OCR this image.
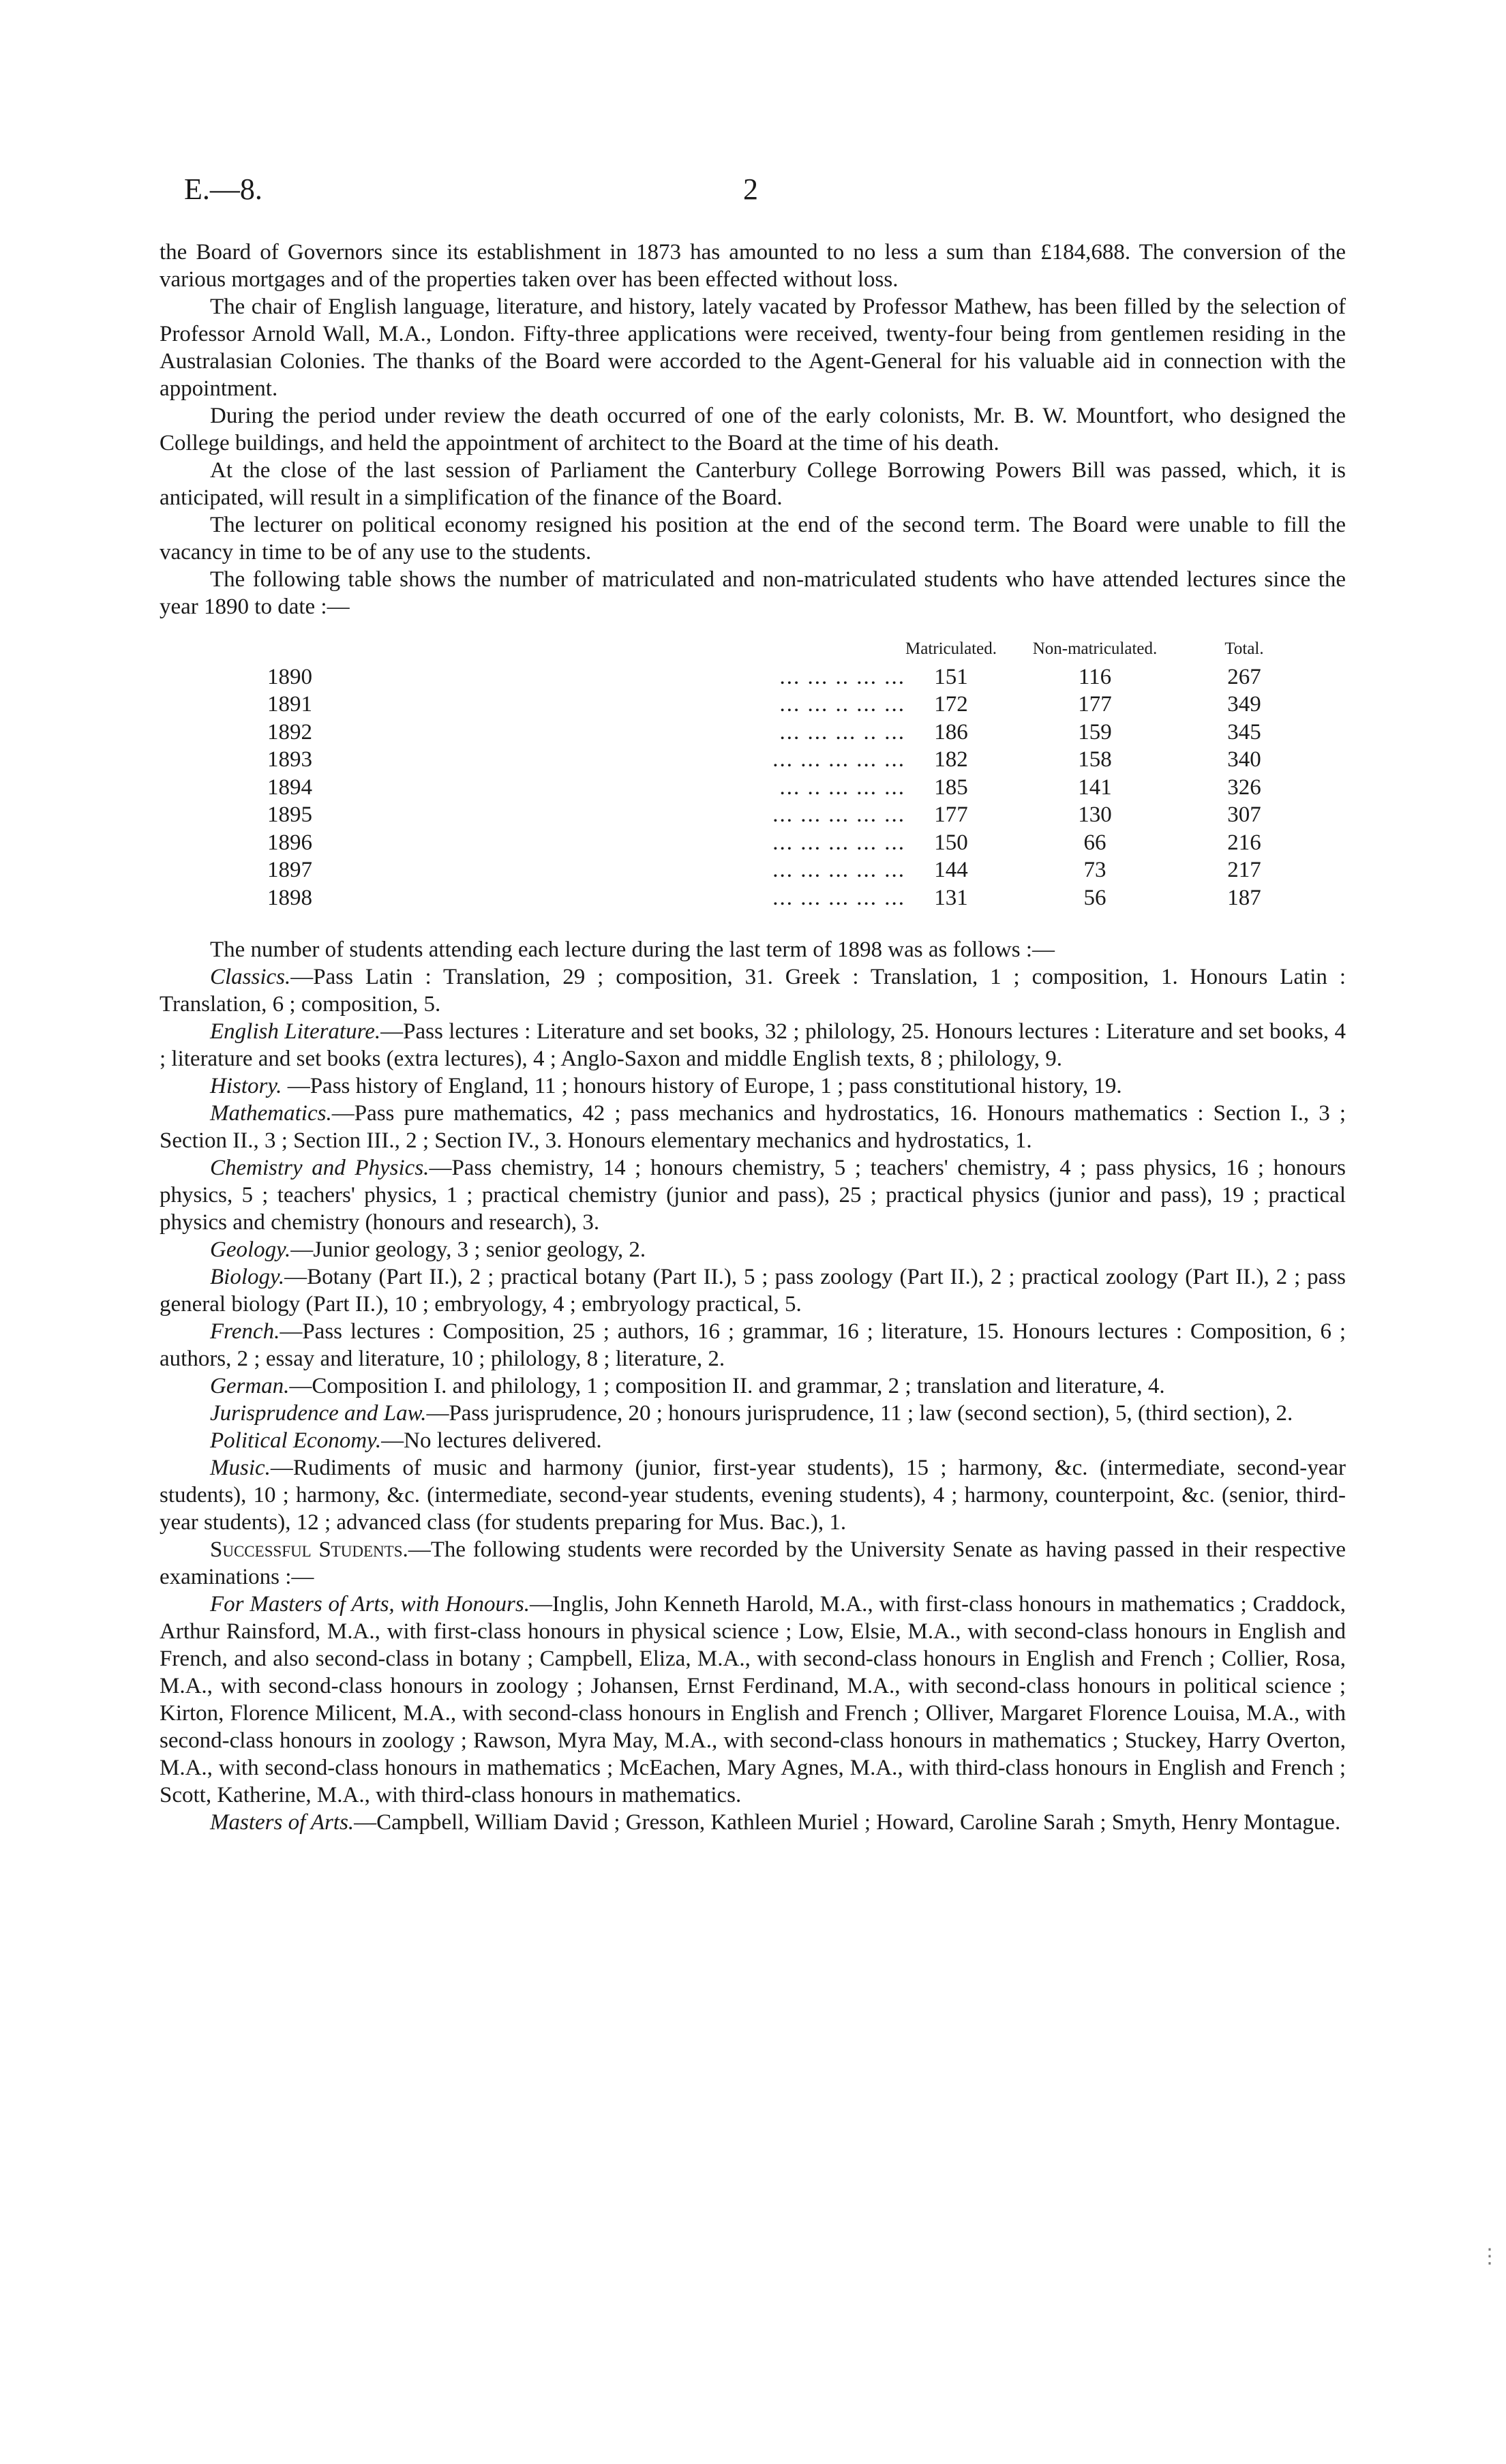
E.—8.	2

the Board of Governors since its establishment in 1873 has amounted to no less a sum than £184,688. The conversion of the various mortgages and of the properties taken over has been effected without loss.

The chair of English language, literature, and history, lately vacated by Professor Mathew, has been filled by the selection of Professor Arnold Wall, M.A., London. Fifty-three applications were received, twenty-four being from gentlemen residing in the Australasian Colonies. The thanks of the Board were accorded to the Agent-General for his valuable aid in connection with the appointment.

During the period under review the death occurred of one of the early colonists, Mr. B. W. Mountfort, who designed the College buildings, and held the appointment of architect to the Board at the time of his death.

At the close of the last session of Parliament the Canterbury College Borrowing Powers Bill was passed, which, it is anticipated, will result in a simplification of the finance of the Board.

The lecturer on political economy resigned his position at the end of the second term. The Board were unable to fill the vacancy in time to be of any use to the students.

The following table shows the number of matriculated and non-matriculated students who have attended lectures since the year 1890 to date :—

		Matriculated.	Non-matriculated.	Total.
1890	... ... .. ... ...	151	116	267
1891	... ... .. ... ...	172	177	349
1892	... ... ... .. ...	186	159	345
1893	... ... ... ... ...	182	158	340
1894	... .. ... ... ...	185	141	326
1895	... ... ... ... ...	177	130	307
1896	... ... ... ... ...	150	66	216
1897	... ... ... ... ...	144	73	217
1898	... ... ... ... ...	131	56	187

The number of students attending each lecture during the last term of 1898 was as follows :—

Classics.—Pass Latin : Translation, 29 ; composition, 31. Greek : Translation, 1 ; composition, 1. Honours Latin : Translation, 6 ; composition, 5.

English Literature.—Pass lectures : Literature and set books, 32 ; philology, 25. Honours lectures : Literature and set books, 4 ; literature and set books (extra lectures), 4 ; Anglo-Saxon and middle English texts, 8 ; philology, 9.

History. —Pass history of England, 11 ; honours history of Europe, 1 ; pass constitutional history, 19.

Mathematics.—Pass pure mathematics, 42 ; pass mechanics and hydrostatics, 16. Honours mathematics : Section I., 3 ; Section II., 3 ; Section III., 2 ; Section IV., 3. Honours elementary mechanics and hydrostatics, 1.

Chemistry and Physics.—Pass chemistry, 14 ; honours chemistry, 5 ; teachers' chemistry, 4 ; pass physics, 16 ; honours physics, 5 ; teachers' physics, 1 ; practical chemistry (junior and pass), 25 ; practical physics (junior and pass), 19 ; practical physics and chemistry (honours and research), 3.

Geology.—Junior geology, 3 ; senior geology, 2.

Biology.—Botany (Part II.), 2 ; practical botany (Part II.), 5 ; pass zoology (Part II.), 2 ; practical zoology (Part II.), 2 ; pass general biology (Part II.), 10 ; embryology, 4 ; embryology practical, 5.

French.—Pass lectures : Composition, 25 ; authors, 16 ; grammar, 16 ; literature, 15. Honours lectures : Composition, 6 ; authors, 2 ; essay and literature, 10 ; philology, 8 ; literature, 2.

German.—Composition I. and philology, 1 ; composition II. and grammar, 2 ; translation and literature, 4.

Jurisprudence and Law.—Pass jurisprudence, 20 ; honours jurisprudence, 11 ; law (second section), 5, (third section), 2.

Political Economy.—No lectures delivered.

Music.—Rudiments of music and harmony (junior, first-year students), 15 ; harmony, &c. (intermediate, second-year students), 10 ; harmony, &c. (intermediate, second-year students, evening students), 4 ; harmony, counterpoint, &c. (senior, third-year students), 12 ; advanced class (for students preparing for Mus. Bac.), 1.

Successful Students.—The following students were recorded by the University Senate as having passed in their respective examinations :—

For Masters of Arts, with Honours.—Inglis, John Kenneth Harold, M.A., with first-class honours in mathematics ; Craddock, Arthur Rainsford, M.A., with first-class honours in physical science ; Low, Elsie, M.A., with second-class honours in English and French, and also second-class in botany ; Campbell, Eliza, M.A., with second-class honours in English and French ; Collier, Rosa, M.A., with second-class honours in zoology ; Johansen, Ernst Ferdinand, M.A., with second-class honours in political science ; Kirton, Florence Milicent, M.A., with second-class honours in English and French ; Olliver, Margaret Florence Louisa, M.A., with second-class honours in zoology ; Rawson, Myra May, M.A., with second-class honours in mathematics ; Stuckey, Harry Overton, M.A., with second-class honours in mathematics ; McEachen, Mary Agnes, M.A., with third-class honours in English and French ; Scott, Katherine, M.A., with third-class honours in mathematics.

Masters of Arts.—Campbell, William David ; Gresson, Kathleen Muriel ; Howard, Caroline Sarah ; Smyth, Henry Montague.

⋮
